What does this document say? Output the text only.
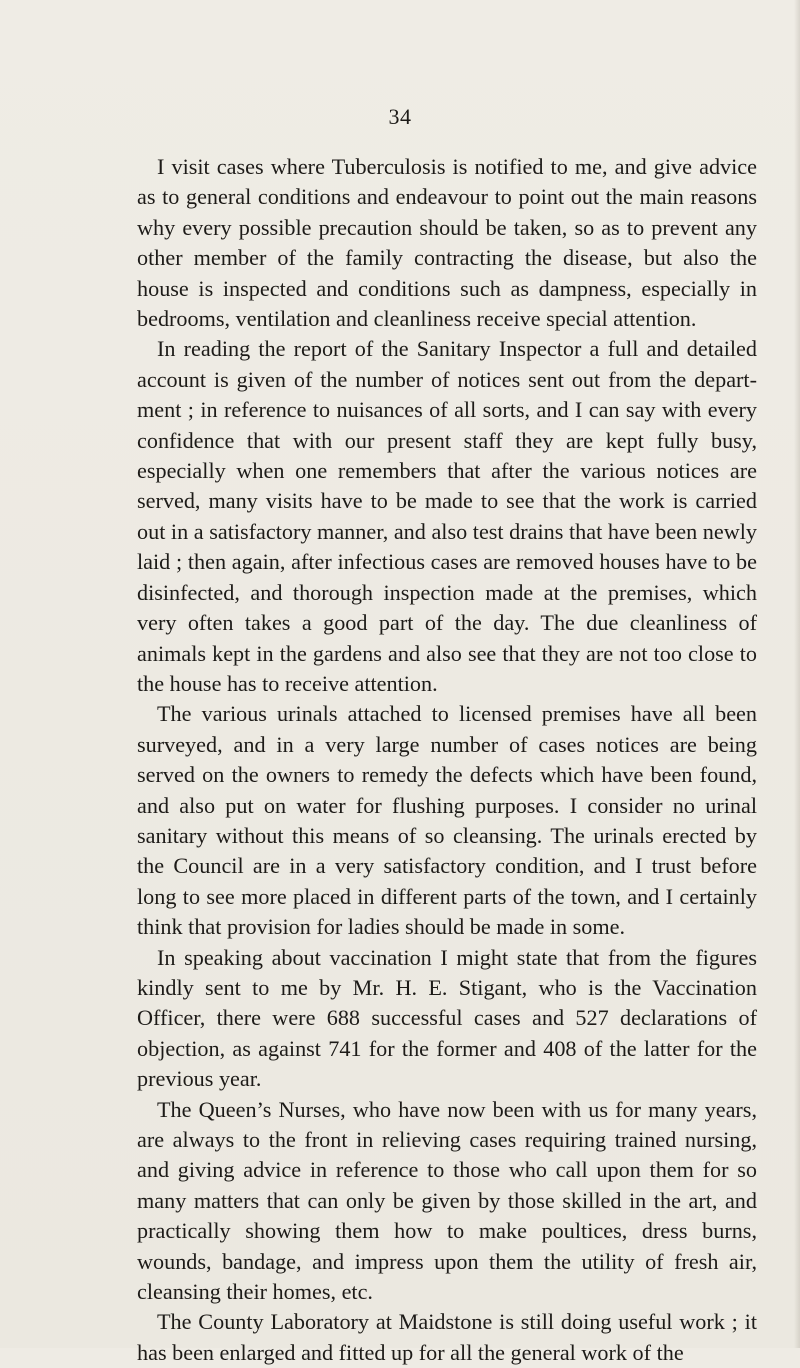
34

I visit cases where Tuberculosis is notified to me, and give advice as to general conditions and endeavour to point out the main reasons why every possible precaution should be taken, so as to prevent any other member of the family contracting the disease, but also the house is inspected and conditions such as dampness, especially in bedrooms, ventilation and cleanliness receive special attention.

In reading the report of the Sanitary Inspector a full and detailed account is given of the number of notices sent out from the depart- ment ; in reference to nuisances of all sorts, and I can say with every confidence that with our present staff they are kept fully busy, especially when one remembers that after the various notices are served, many visits have to be made to see that the work is carried out in a satisfactory manner, and also test drains that have been newly laid ; then again, after infectious cases are removed houses have to be disinfected, and thorough inspection made at the premises, which very often takes a good part of the day. The due cleanliness of animals kept in the gardens and also see that they are not too close to the house has to receive attention.

The various urinals attached to licensed premises have all been surveyed, and in a very large number of cases notices are being served on the owners to remedy the defects which have been found, and also put on water for flushing purposes. I consider no urinal sanitary without this means of so cleansing. The urinals erected by the Council are in a very satisfactory condition, and I trust before long to see more placed in different parts of the town, and I certainly think that provision for ladies should be made in some.

In speaking about vaccination I might state that from the figures kindly sent to me by Mr. H. E. Stigant, who is the Vaccination Officer, there were 688 successful cases and 527 declarations of objection, as against 741 for the former and 408 of the latter for the previous year.

The Queen’s Nurses, who have now been with us for many years, are always to the front in relieving cases requiring trained nursing, and giving advice in reference to those who call upon them for so many matters that can only be given by those skilled in the art, and practically showing them how to make poultices, dress burns, wounds, bandage, and impress upon them the utility of fresh air, cleansing their homes, etc.

The County Laboratory at Maidstone is still doing useful work ; it has been enlarged and fitted up for all the general work of the
